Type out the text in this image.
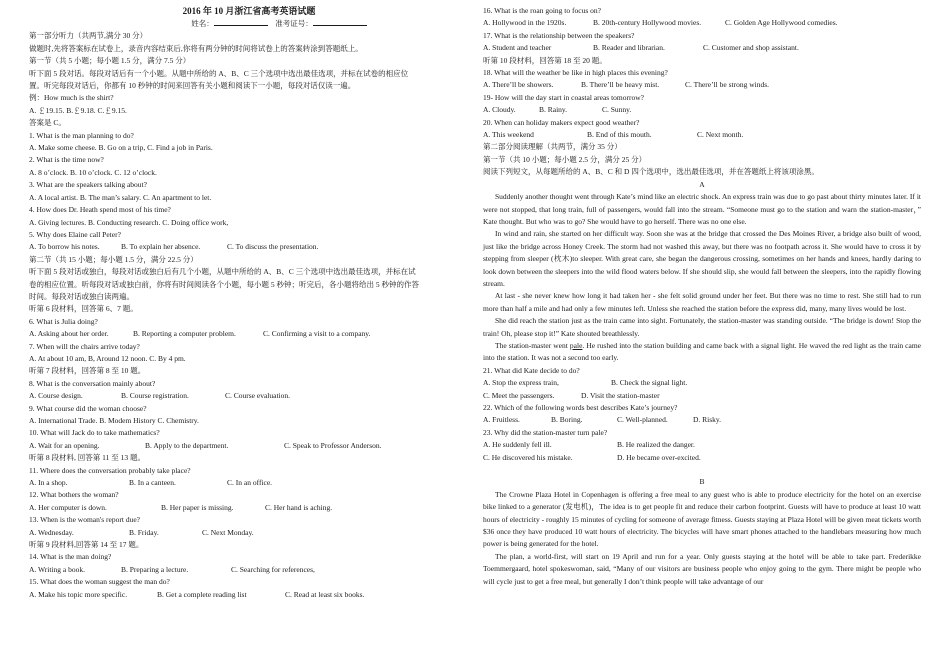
2016 年 10 月浙江省高考英语试题
姓名：	准考证号：
第一部分听力（共两节,满分 30 分）
做题时,先将答案标在试卷上，录音内容结束后,你将有两分钟的时间将试卷上的答案转涂到答题纸上。
第一节（共 5 小题；每小题 1.5 分，满分 7.5 分）
听下面 5 段对话。每段对话后有一个小题。从题中所给的 A、B、C 三个选项中选出最佳选项，并标在试卷的相应位
置。听完每段对话后，你都有 10 秒钟的时间来回答有关小题和阅读下一小题，每段对话仅读一遍。
例：How much is the shirt?
A. ￡19.15. B.￡9.18. C.￡9.15.
答案是 C。
1. What is the man planning to do?
A. Make some cheese. B. Go on a trip, C. Find a job in Paris.
2. What is the time now?
A. 8 o’clock. B. 10 o’clock. C. 12 o’clock.
3. What are the speakers talking about?
A. A local artist. B. The man’s salary. C. An apartment to let.
4. How does Dr. Heath spend most of his time?
A. Giving lectures. B. Conducting research. C. Doing office work,
5. Why does Elaine call Peter?
A. To borrow his notes.	B. To explain her absence.	C. To discuss the presentation.
第二节（共 15 小题；每小题 1.5 分，满分 22.5 分）
听下面 5 段对话或独白，每段对话或独白后有几个小题，从题中所给的 A、B、C 三个选项中选出最佳选项，并标在试
卷的相应位置。听每段对话或独白前，你将有时间阅读各个小题，每小题 5 秒钟；听完后，各小题将给出 5 秒钟的作答
时间。每段对话或独白读两遍。
听第 6 段材料，回答第 6、7 题。
6. What is Julia doing?
A. Asking about her order.	B. Reporting a computer problem.	C. Confirming a visit to a company.
7. When will the chairs arrive today?
A. At about 10 am, B, Around 12 noon. C. By 4 pm.
听第 7 段材料，回答第 8 至 10 题。
8. What is the conversation mainly about?
A. Course design.	B. Course registration.	C. Course evaluation.
9. What course did the woman choose?
A. International Trade. B. Modem History C. Chemistry.
10. What will Jack do to take mathematics?
A. Wait for an opening.	B. Apply to the department.	C. Speak to Professor Anderson.
听第 8 段材料, 回答第 11 至 13 题。
11. Where does the conversation probably take place?
A. In a shop.	B. In a canteen.	C. In an office.
12. What bothers the woman?
A. Her computer is down.	B. Her paper is missing.	C. Her hand is aching.
13. When is the woman's report due?
A. Wednesday.	B. Friday.	C. Next Monday.
听第 9 段材料,回答第 14 至 17 题。
14. What is the man doing?
A. Writing a book.	B. Preparing a lecture.	C. Searching for references,
15. What does the woman suggest the man do?
A. Make his topic more specific.	B. Get a complete reading list	C. Read at least six books.
16. What is the roan going to focus on?
A. Hollywood in the 1920s.	B. 20th-century Hollywood movies.	C. Golden Age Hollywood comedies.
17. What is the relationship between the speakers?
A. Student and teacher	B. Reader and librarian.	C. Customer and shop assistant.
听第 10 段材料，回答第 18 至 20 题。
18. What will the weather be like in high places this evening?
A. There’ll be showers.	B. There’ll be heavy mist.	C. There’ll be strong winds.
19- How will the day start in coastal areas tomorrow?
A. Cloudy.	B. Rainy.	C. Sunny.
20. When can holiday makers expect good weather?
A. This weekend	B. End of this mouth.	C. Next month.
第二部分阅读理解（共两节，满分 35 分）
第一节（共 10 小题；每小题 2.5 分，满分 25 分）
阅读下列短文，从每题所给的 A、B、C 和 D 四个选项中，选出最佳选项，并在答题纸上将该项涂黑。
A
Suddenly another thought went through Kate’s mind like an electric shock. An express train was due to go past about thirty minutes later. If it were not stopped, that long train, full of passengers, would fall into the stream. “Someone must go to the station and warn the station-master，” Kate thought. But who was to go? She would have to go herself. There was no one else.
In wind and rain, she started on her difficult way. Soon she was at the bridge that crossed the Des Moines River, a bridge also built of wood, just like the bridge across Honey Creek. The storm had not washed this away, but there was no footpath across it. She would have to cross it by stepping from sleeper (枕木)to sleeper. With great care, she began the dangerous crossing, sometimes on her hands and knees, hardly daring to look down between the sleepers into the wild flood waters below. If she should slip, she would fall between the sleepers, into the rapidly flowing stream.
At last - she never knew how long it had taken her - she felt solid ground under her feet. But there was no time to rest. She still had to run more than half a mile and had only a few minutes left. Unless she reached the station before the express did, many, many lives would be lost.
She did reach the station just as the train came into sight. Fortunately, the station-master was standing outside. “The bridge is down! Stop the train! Oh, please stop it!” Kate shouted breathlessly.
The station-master went pale. He rushed into the station building and came back with a signal light. He waved the red light as the train came into the station. It was not a second too early.
21. What did Kate decide to do?
A. Stop the express train,	B. Check the signal light.
C. Meet the passengers.	D. Visit the station-master
22. Which of the following words best describes Kate’s journey?
A. Fruitless.	B. Boring.	C. Well-planned.	D. Risky.
23. Why did the station-master turn pale?
A. He suddenly fell ill.	B. He realized the danger.
C. He discovered his mistake.	D. He became over-excited.
B
The Crowne Plaza Hotel in Copenhagen is offering a free meal to any guest who is able to produce electricity for the hotel on an exercise bike linked to a generator (发电机)，The idea is to get people fit and reduce their carbon footprint. Guests will have to produce at least 10 watt hours of electricity - roughly 15 minutes of cycling for someone of average fitness. Guests staying at Plaza Hotel will be given meat tickets worth $36 once they have produced 10 watt hours of electricity. The bicycles will have smart phones attached to the handlebars measuring how much power is being generated for the hotel.
The plan, a world-first, will start on 19 April and run for a year. Only guests staying at the hotel will be able to take part. Frederikke Toemmergaard, hotel spokeswoman, said, “Many of our visitors are business people who enjoy going to the gym. There might be people who will cycle just to get a free meal, but generally I don’t think people will take advantage of our
